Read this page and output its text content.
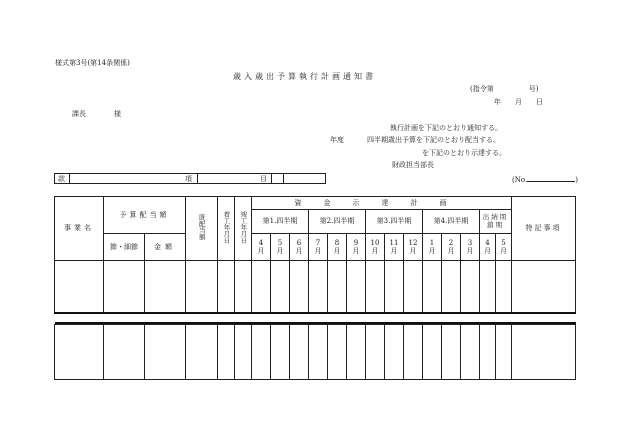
様式第3号(第14条関係)
歳入歳出予算執行計画通知書
(指令第　　　　　号)
年　　月　　日
課長　　　　様
執行計画を下記のとおり通知する。
年度	四半期歳出予算を下記のとおり配当する。
を下記のとおり示達する。
財政担当部長
款	項	目	(No.	)
事業名	予算配当額		既配当額	着工年月日	竣工年月日	資金示達計画														特記事項
						第1.四半期			第2.四半期			第3.四半期			第4.四半期			出納閉鎖期		
	節・細節	金額				4月	5月	6月	7月	8月	9月	10月	11月	12月	1月	2月	3月	4月	5月	
